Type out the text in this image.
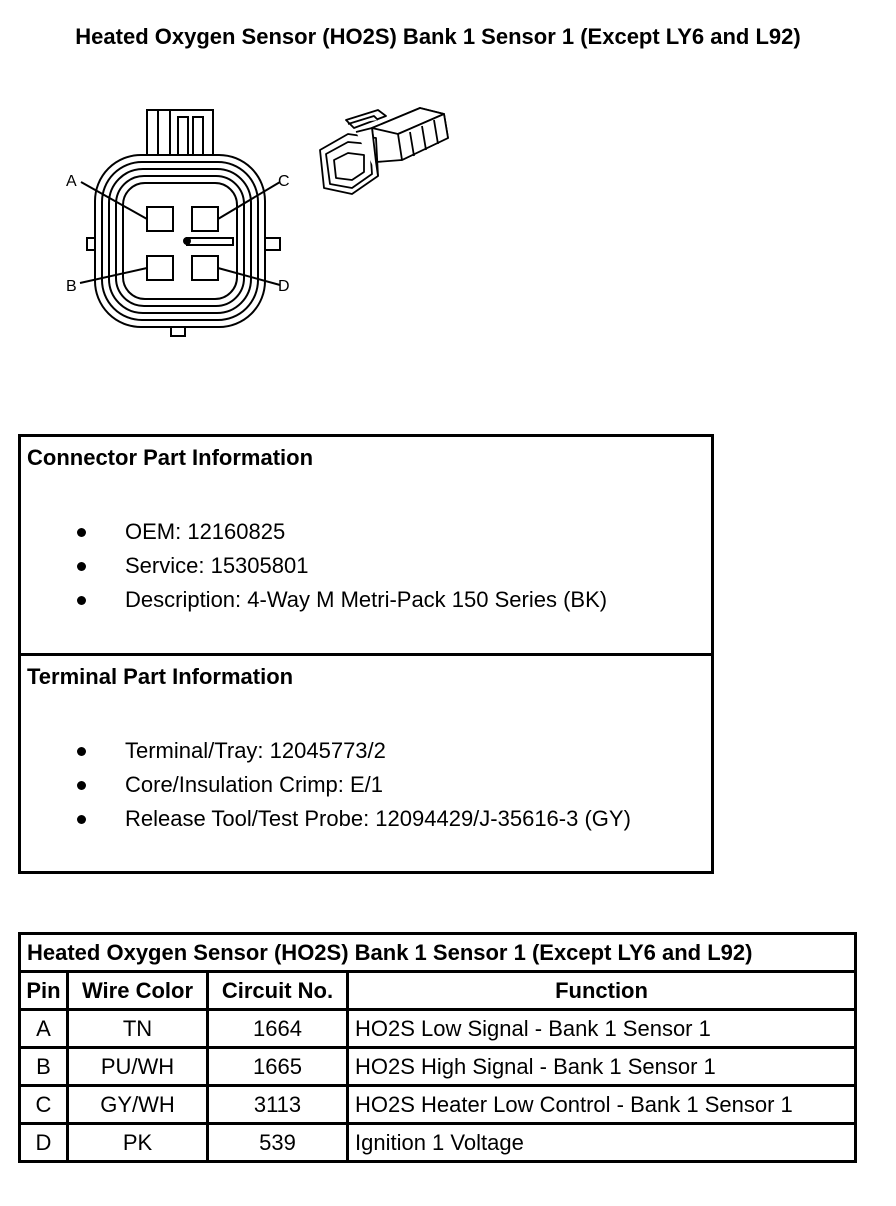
Heated Oxygen Sensor (HO2S) Bank 1 Sensor 1 (Except LY6 and L92)
A	C
B	D
Connector Part Information
OEM: 12160825
Service: 15305801
Description: 4-Way M Metri-Pack 150 Series (BK)
Terminal Part Information
Terminal/Tray: 12045773/2
Core/Insulation Crimp: E/1
Release Tool/Test Probe: 12094429/J-35616-3 (GY)
Heated Oxygen Sensor (HO2S) Bank 1 Sensor 1 (Except LY6 and L92)			
Pin	Wire Color	Circuit No.	Function
A	TN	1664	HO2S Low Signal - Bank 1 Sensor 1
B	PU/WH	1665	HO2S High Signal - Bank 1 Sensor 1
C	GY/WH	3113	HO2S Heater Low Control - Bank 1 Sensor 1
D	PK	539	Ignition 1 Voltage
